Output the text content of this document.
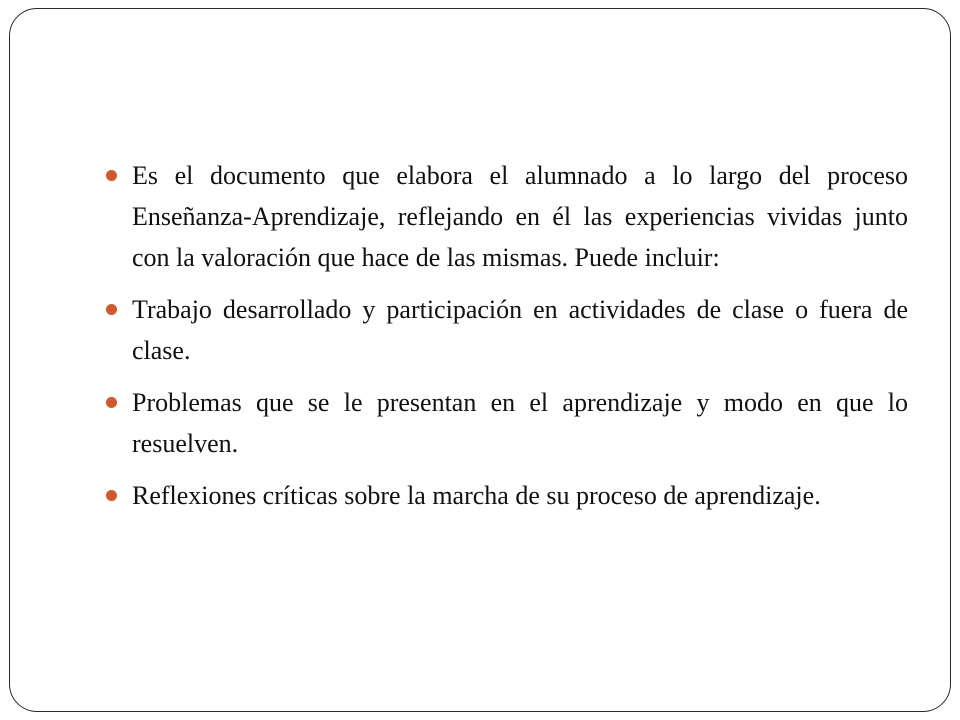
Es el documento que elabora el alumnado a lo largo del proceso Enseñanza-Aprendizaje, reflejando en él las experiencias vividas junto con la valoración que hace de las mismas. Puede incluir:
Trabajo desarrollado y participación en actividades de clase o fuera de clase.
Problemas que se le presentan en el aprendizaje y modo en que lo resuelven.
Reflexiones críticas sobre la marcha de su proceso de aprendizaje.
